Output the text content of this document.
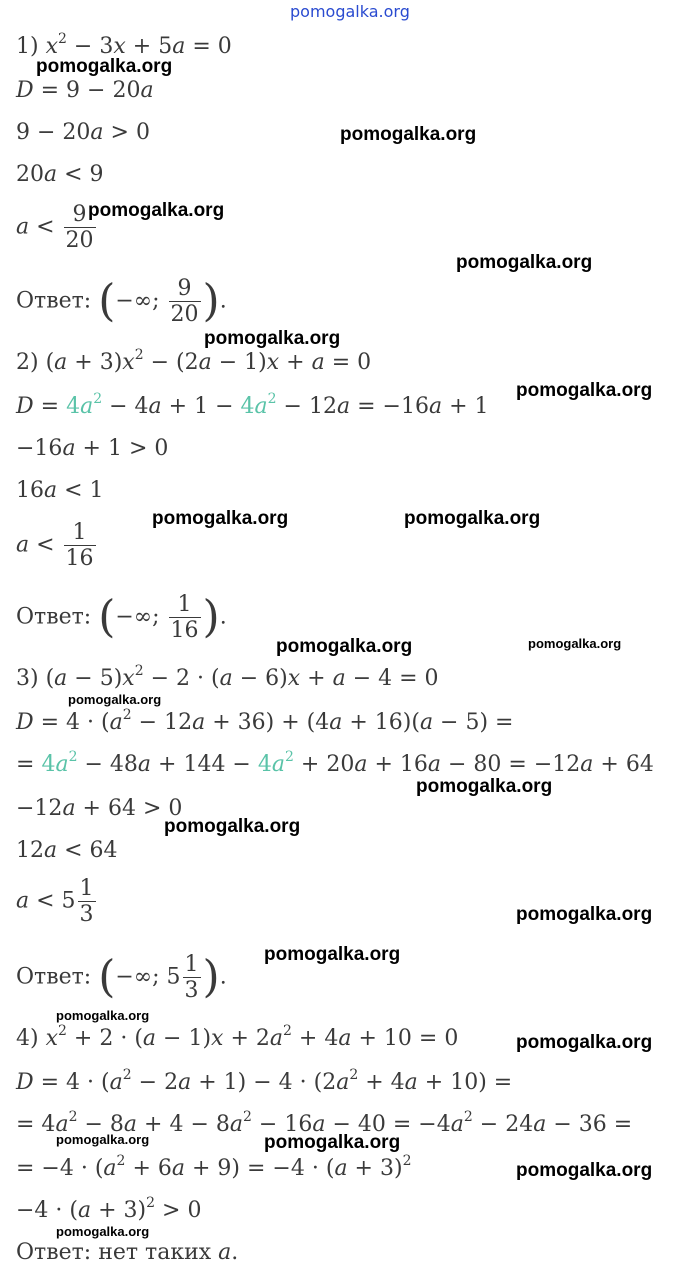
pomogalka.org
1) $x^2 - 3x + 5a = 0$
D = 9 − 20a
9 − 20a > 0
20a < 9
$a < \frac{9}{20}$
Ответ: (−∞; $\frac{9}{20}$ ).
2) $(a + 3)x^2 - (2a - 1)x + a = 0$
$D = 4a^2 - 4a + 1 - 4a^2 - 12a = -16a + 1$
−16a + 1 > 0
16a < 1
$a < \frac{1}{16}$
Ответ: (−∞; $\frac{1}{16}$ ).
3) $(a - 5)x^2 - 2 \cdot (a - 6)x + a - 4 = 0$
$D = 4 \cdot (a^2 - 12a + 36) + (4a + 16)(a - 5)$ =
= $4a^2 - 48a + 144 - 4a^2 + 20a + 16a - 80 = -12a + 64$
−12a + 64 > 0
12a < 64
$a < 5 \frac{1}{3}$
Ответ: (−∞; $5 \frac{1}{3}$ ).
4) $x^2 + 2 \cdot (a - 1)x + 2a^2 + 4a + 10 = 0$
$D = 4 \cdot (a^2 - 2a + 1) - 4 \cdot (2a^2 + 4a + 10)$ =
= $4a^2 - 8a + 4 - 8a^2 - 16a - 40 = -4a^2 - 24a - 36$ =
= $-4 \cdot (a^2 + 6a + 9) = -4 \cdot (a + 3)^2$
$-4 \cdot (a + 3)^2 > 0$
Ответ: нет таких a.
pomogalka.org
pomogalka.org
pomogalka.org
pomogalka.org
pomogalka.org
pomogalka.org
pomogalka.org	pomogalka.org
pomogalka.org	pomogalka.org
pomogalka.org
pomogalka.org
pomogalka.org
pomogalka.org
pomogalka.org
pomogalka.org
pomogalka.org
pomogalka.org	pomogalka.org
pomogalka.org
pomogalka.org
